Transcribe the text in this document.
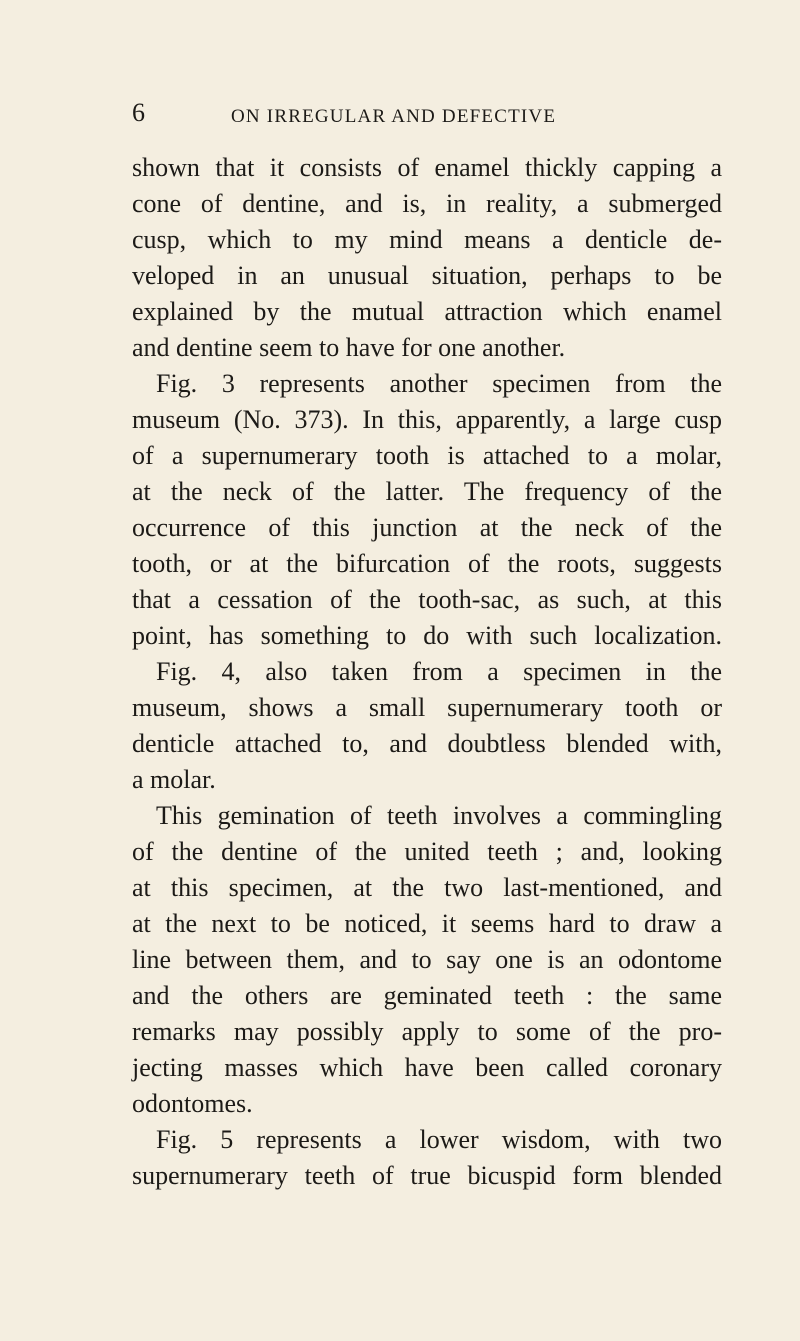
6	ON IRREGULAR AND DEFECTIVE

shown that it consists of enamel thickly capping a

cone of dentine, and is, in reality, a submerged

cusp, which to my mind means a denticle de-

veloped in an unusual situation, perhaps to be

explained by the mutual attraction which enamel

and dentine seem to have for one another.

Fig. 3 represents another specimen from the

museum (No. 373). In this, apparently, a large cusp

of a supernumerary tooth is attached to a molar,

at the neck of the latter. The frequency of the

occurrence of this junction at the neck of the

tooth, or at the bifurcation of the roots, suggests

that a cessation of the tooth-sac, as such, at this

point, has something to do with such localization.

Fig. 4, also taken from a specimen in the

museum, shows a small supernumerary tooth or

denticle attached to, and doubtless blended with,

a molar.

This gemination of teeth involves a commingling

of the dentine of the united teeth ; and, looking

at this specimen, at the two last-mentioned, and

at the next to be noticed, it seems hard to draw a

line between them, and to say one is an odontome

and the others are geminated teeth : the same

remarks may possibly apply to some of the pro-

jecting masses which have been called coronary

odontomes.

Fig. 5 represents a lower wisdom, with two

supernumerary teeth of true bicuspid form blended
